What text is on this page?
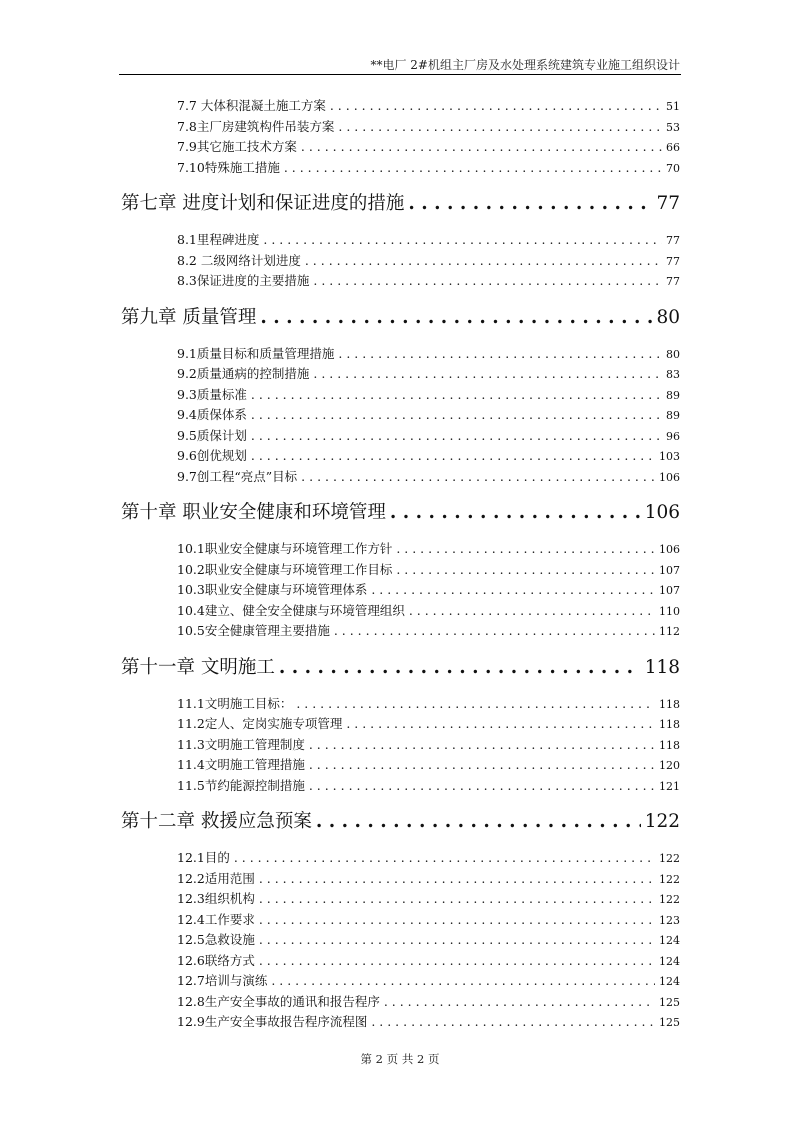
**电厂 2#机组主厂房及水处理系统建筑专业施工组织设计
7.7 大体积混凝土施工方案 . . .	51
7.8主厂房建筑构件吊装方案 . . .	53
7.9其它施工技术方案 . . .	66
7.10特殊施工措施 . . .	70
第七章 进度计划和保证进度的措施 . . .	77
8.1里程碑进度 . . .	77
8.2 二级网络计划进度 . . .	77
8.3保证进度的主要措施 . . .	77
第九章 质量管理 . . .	80
9.1质量目标和质量管理措施 . . .	80
9.2质量通病的控制措施 . . .	83
9.3质量标准 . . .	89
9.4质保体系 . . .	89
9.5质保计划 . . .	96
9.6创优规划 . . .	103
9.7创工程“亮点”目标 . . .	106
第十章 职业安全健康和环境管理 . . .	106
10.1职业安全健康与环境管理工作方针 . . .	106
10.2职业安全健康与环境管理工作目标 . . .	107
10.3职业安全健康与环境管理体系 . . .	107
10.4建立、健全安全健康与环境管理组织 . . .	110
10.5安全健康管理主要措施 . . .	112
第十一章 文明施工 . . .	118
11.1文明施工目标： . . .	118
11.2定人、定岗实施专项管理 . . .	118
11.3文明施工管理制度 . . .	118
11.4文明施工管理措施 . . .	120
11.5节约能源控制措施 . . .	121
第十二章 救援应急预案 . . .	122
12.1目的 . . .	122
12.2适用范围 . . .	122
12.3组织机构 . . .	122
12.4工作要求 . . .	123
12.5急救设施 . . .	124
12.6联络方式 . . .	124
12.7培训与演练 . . .	124
12.8生产安全事故的通讯和报告程序 . . .	125
12.9生产安全事故报告程序流程图 . . .	125
第 2 页 共 2 页
